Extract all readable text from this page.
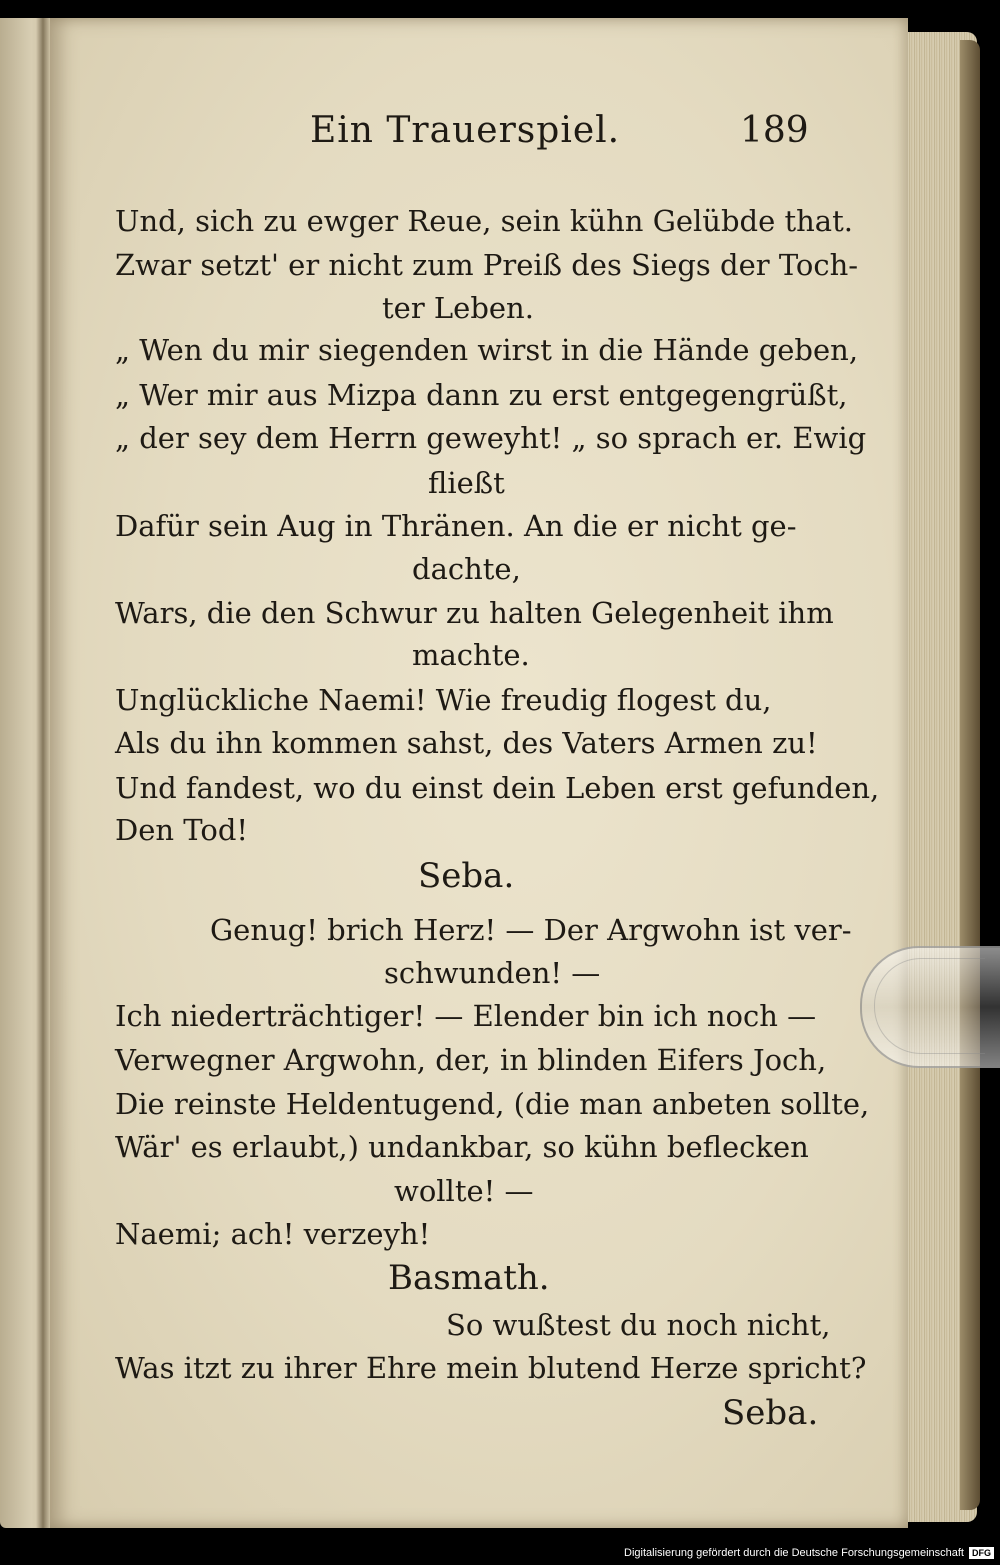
Ein Trauerspiel.	189
Und, sich zu ewger Reue, sein kühn Gelübde that.
Zwar setzt' er nicht zum Preiß des Siegs der Toch-
ter Leben.
„ Wen du mir siegenden wirst in die Hände geben,
„ Wer mir aus Mizpa dann zu erst entgegengrüßt,
„ der sey dem Herrn geweyht! „ so sprach er. Ewig
fließt
Dafür sein Aug in Thränen. An die er nicht ge-
dachte,
Wars, die den Schwur zu halten Gelegenheit ihm
machte.
Unglückliche Naemi! Wie freudig flogest du,
Als du ihn kommen sahst, des Vaters Armen zu!
Und fandest, wo du einst dein Leben erst gefunden,
Den Tod!
Seba.
Genug! brich Herz! — Der Argwohn ist ver-
schwunden! —
Ich niederträchtiger! — Elender bin ich noch —
Verwegner Argwohn, der, in blinden Eifers Joch,
Die reinste Heldentugend, (die man anbeten sollte,
Wär' es erlaubt,) undankbar, so kühn beflecken
wollte! —
Naemi; ach! verzeyh!
Basmath.
So wußtest du noch nicht,
Was itzt zu ihrer Ehre mein blutend Herze spricht?
Seba.
Digitalisierung gefördert durch die Deutsche Forschungsgemeinschaft DFG
